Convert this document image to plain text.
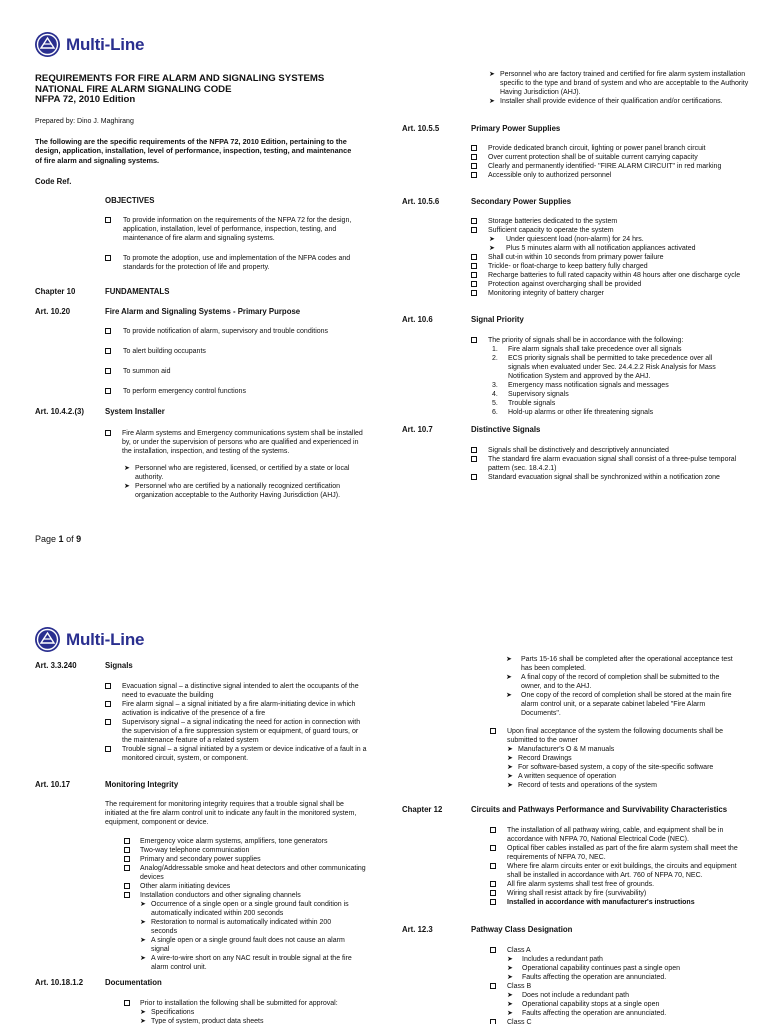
Multi-Line
REQUIREMENTS FOR FIRE ALARM AND SIGNALING SYSTEMS
NATIONAL FIRE ALARM SIGNALING CODE
NFPA 72, 2010 Edition
Prepared by: Dino J. Maghirang
The following are the specific requirements of the NFPA 72, 2010 Edition, pertaining to the design, application, installation, level of performance, inspection, testing, and maintenance of fire alarm and signaling systems.
Code Ref.
OBJECTIVES
To provide information on the requirements of the NFPA 72 for the design, application, installation, level of performance, inspection, testing, and maintenance of fire alarm and signaling systems.
To promote the adoption, use and implementation of the NFPA codes and standards for the protection of life and property.
Chapter 10	FUNDAMENTALS
Art. 10.20	Fire Alarm and Signaling Systems - Primary Purpose
To provide notification of alarm, supervisory and trouble conditions
To alert building occupants
To summon aid
To perform emergency control functions
Art. 10.4.2.(3)	System Installer
Fire Alarm systems and Emergency communications system shall be installed by, or under the supervision of persons who are qualified and experienced in the installation, inspection, and testing of the systems.
➤ Personnel who are registered, licensed, or certified by a state or local authority.
➤ Personnel who are certified by a nationally recognized certification organization acceptable to the Authority Having Jurisdiction (AHJ).
Page 1 of 9
➤ Personnel who are factory trained and certified for fire alarm system installation specific to the type and brand of system and who are acceptable to the Authority Having Jurisdiction (AHJ).
➤ Installer shall provide evidence of their qualification and/or certifications.
Art. 10.5.5	Primary Power Supplies
Provide dedicated branch circuit, lighting or power panel branch circuit
Over current protection shall be of suitable current carrying capacity
Clearly and permanently identified- "FIRE ALARM CIRCUIT" in red marking
Accessible only to authorized personnel
Art. 10.5.6	Secondary Power Supplies
Storage batteries dedicated to the system
Sufficient capacity to operate the system
➤ Under quiescent load (non-alarm) for 24 hrs.
➤ Plus 5 minutes alarm with all notification appliances activated
Shall cut-in within 10 seconds from primary power failure
Trickle- or float-charge to keep battery fully charged
Recharge batteries to full rated capacity within 48 hours after one discharge cycle
Protection against overcharging shall be provided
Monitoring integrity of battery charger
Art. 10.6	Signal Priority
The priority of signals shall be in accordance with the following:
1. Fire alarm signals shall take precedence over all signals
2. ECS priority signals shall be permitted to take precedence over all signals when evaluated under Sec. 24.4.2.2 Risk Analysis for Mass Notification System and approved by the AHJ.
3. Emergency mass notification signals and messages
4. Supervisory signals
5. Trouble signals
6. Hold-up alarms or other life threatening signals
Art. 10.7	Distinctive Signals
Signals shall be distinctively and descriptively annunciated
The standard fire alarm evacuation signal shall consist of a three-pulse temporal pattern (sec. 18.4.2.1)
Standard evacuation signal shall be synchronized within a notification zone
Multi-Line
Art. 3.3.240	Signals
Evacuation signal – a distinctive signal intended to alert the occupants of the need to evacuate the building
Fire alarm signal – a signal initiated by a fire alarm-initiating device in which activation is indicative of the presence of a fire
Supervisory signal – a signal indicating the need for action in connection with the supervision of a fire suppression system or equipment, of guard tours, or the maintenance feature of a related system
Trouble signal – a signal initiated by a system or device indicative of a fault in a monitored circuit, system, or component.
Art. 10.17	Monitoring Integrity
The requirement for monitoring integrity requires that a trouble signal shall be initiated at the fire alarm control unit to indicate any fault in the monitored system, equipment, component or device.
Emergency voice alarm systems, amplifiers, tone generators
Two-way telephone communication
Primary and secondary power supplies
Analog/Addressable smoke and heat detectors and other communicating devices
Other alarm initiating devices
Installation conductors and other signaling channels
➤ Occurrence of a single open or a single ground fault condition is automatically indicated within 200 seconds
➤ Restoration to normal is automatically indicated within 200 seconds
➤ A single open or a single ground fault does not cause an alarm signal
➤ A wire-to-wire short on any NAC result in trouble signal at the fire alarm control unit.
Art. 10.18.1.2	Documentation
Prior to installation the following shall be submitted for approval:
➤ Specifications
➤ Type of system, product data sheets
➤ Parts 15-16 shall be completed after the operational acceptance test has been completed.
➤ A final copy of the record of completion shall be submitted to the owner, and to the AHJ.
➤ One copy of the record of completion shall be stored at the main fire alarm control unit, or a separate cabinet labeled "Fire Alarm Documents".
Upon final acceptance of the system the following documents shall be submitted to the owner
➤ Manufacturer's O & M manuals
➤ Record Drawings
➤ For software-based system, a copy of the site-specific software
➤ A written sequence of operation
➤ Record of tests and operations of the system
Chapter 12	Circuits and Pathways Performance and Survivability Characteristics
The installation of all pathway wiring, cable, and equipment shall be in accordance with NFPA 70, National Electrical Code (NEC).
Optical fiber cables installed as part of the fire alarm system shall meet the requirements of NFPA 70, NEC.
Where fire alarm circuits enter or exit buildings, the circuits and equipment shall be installed in accordance with Art. 760 of NFPA 70, NEC.
All fire alarm systems shall test free of grounds.
Wiring shall resist attack by fire (survivability)
Installed in accordance with manufacturer's instructions
Art. 12.3	Pathway Class Designation
Class A
➤ Includes a redundant path
➤ Operational capability continues past a single open
➤ Faults affecting the operation are annunciated.
Class B
➤ Does not include a redundant path
➤ Operational capability stops at a single open
➤ Faults affecting the operation are annunciated.
Class C
